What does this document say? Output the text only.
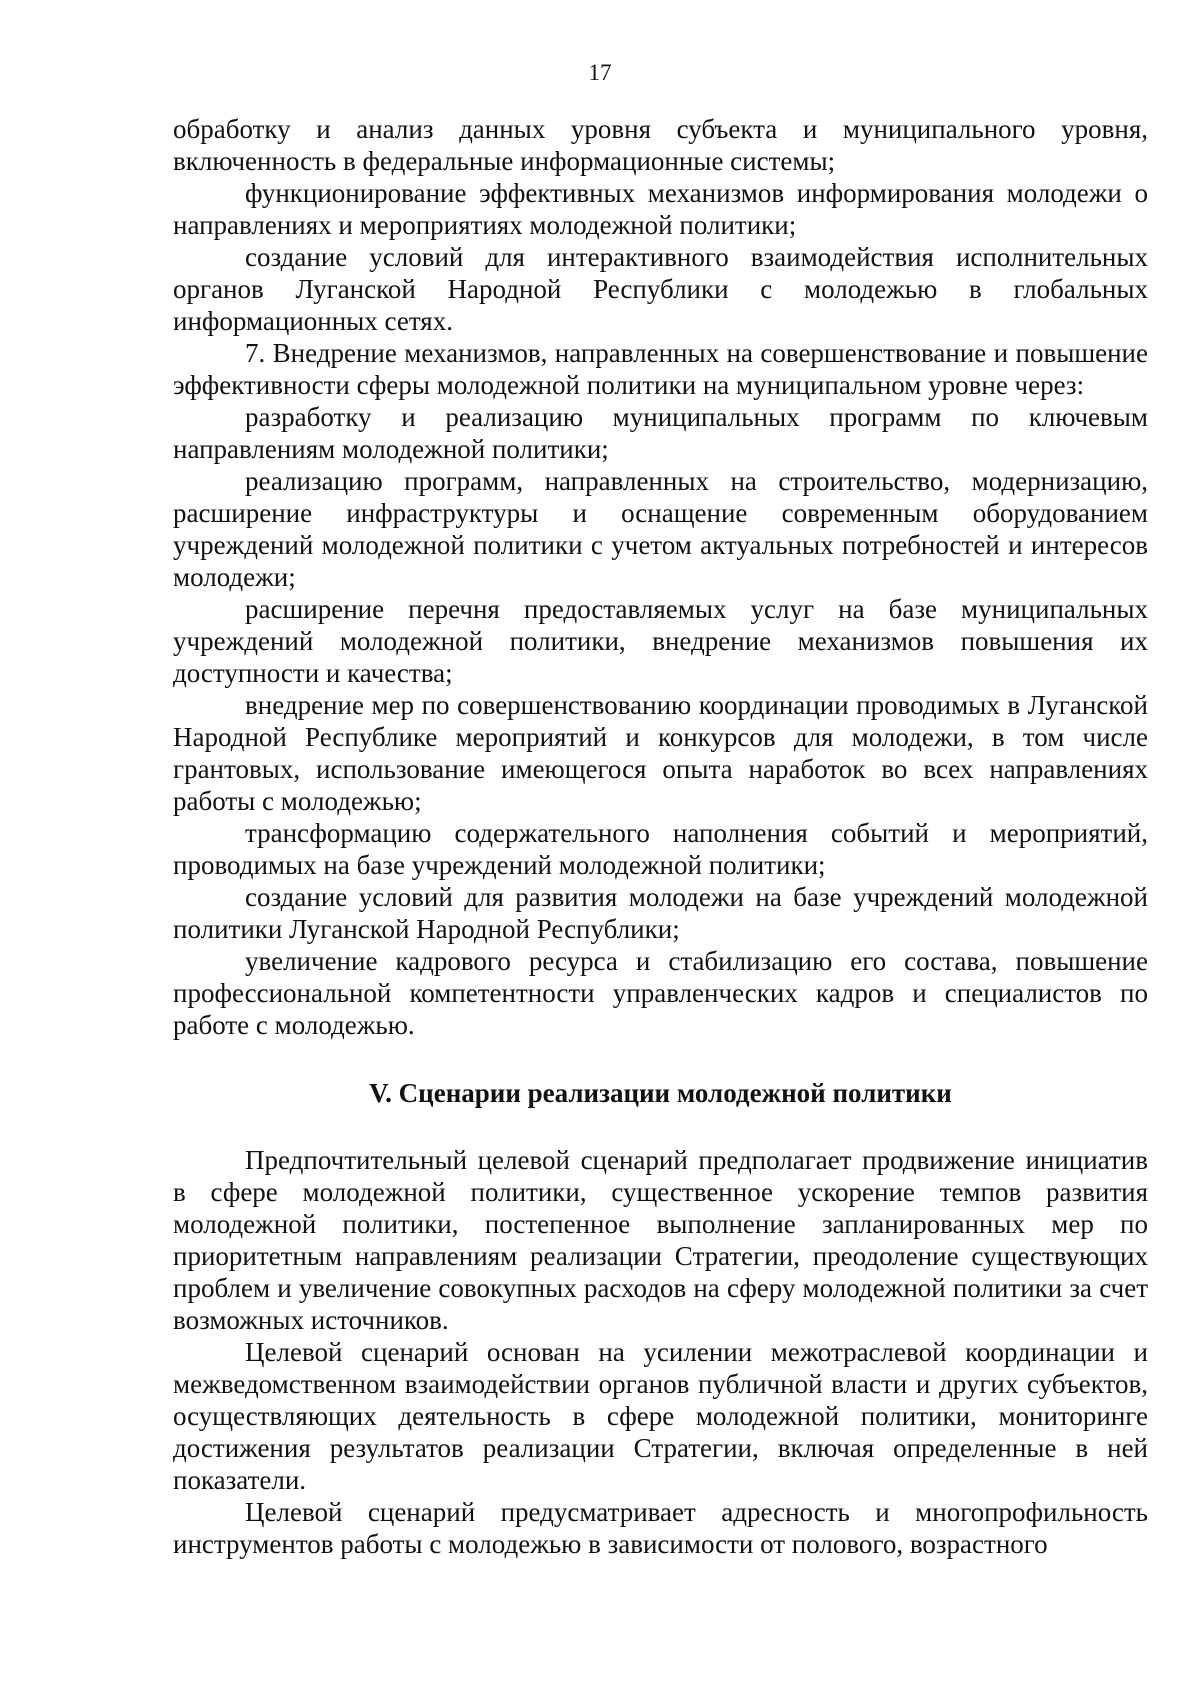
17

обработку и анализ данных уровня субъекта и муниципального уровня, включенность в федеральные информационные системы;

функционирование эффективных механизмов информирования молодежи о направлениях и мероприятиях молодежной политики;

создание условий для интерактивного взаимодействия исполнительных органов Луганской Народной Республики с молодежью в глобальных информационных сетях.

7. Внедрение механизмов, направленных на совершенствование и повышение эффективности сферы молодежной политики на муниципальном уровне через:

разработку и реализацию муниципальных программ по ключевым направлениям молодежной политики;

реализацию программ, направленных на строительство, модернизацию, расширение инфраструктуры и оснащение современным оборудованием учреждений молодежной политики с учетом актуальных потребностей и интересов молодежи;

расширение перечня предоставляемых услуг на базе муниципальных учреждений молодежной политики, внедрение механизмов повышения их доступности и качества;

внедрение мер по совершенствованию координации проводимых в Луганской Народной Республике мероприятий и конкурсов для молодежи, в том числе грантовых, использование имеющегося опыта наработок во всех направлениях работы с молодежью;

трансформацию содержательного наполнения событий и мероприятий, проводимых на базе учреждений молодежной политики;

создание условий для развития молодежи на базе учреждений молодежной политики Луганской Народной Республики;

увеличение кадрового ресурса и стабилизацию его состава, повышение профессиональной компетентности управленческих кадров и специалистов по работе с молодежью.

V. Сценарии реализации молодежной политики

Предпочтительный целевой сценарий предполагает продвижение инициатив в сфере молодежной политики, существенное ускорение темпов развития молодежной политики, постепенное выполнение запланированных мер по приоритетным направлениям реализации Стратегии, преодоление существующих проблем и увеличение совокупных расходов на сферу молодежной политики за счет возможных источников.

Целевой сценарий основан на усилении межотраслевой координации и межведомственном взаимодействии органов публичной власти и других субъектов, осуществляющих деятельность в сфере молодежной политики, мониторинге достижения результатов реализации Стратегии, включая определенные в ней показатели.

Целевой сценарий предусматривает адресность и многопрофильность инструментов работы с молодежью в зависимости от полового, возрастного
